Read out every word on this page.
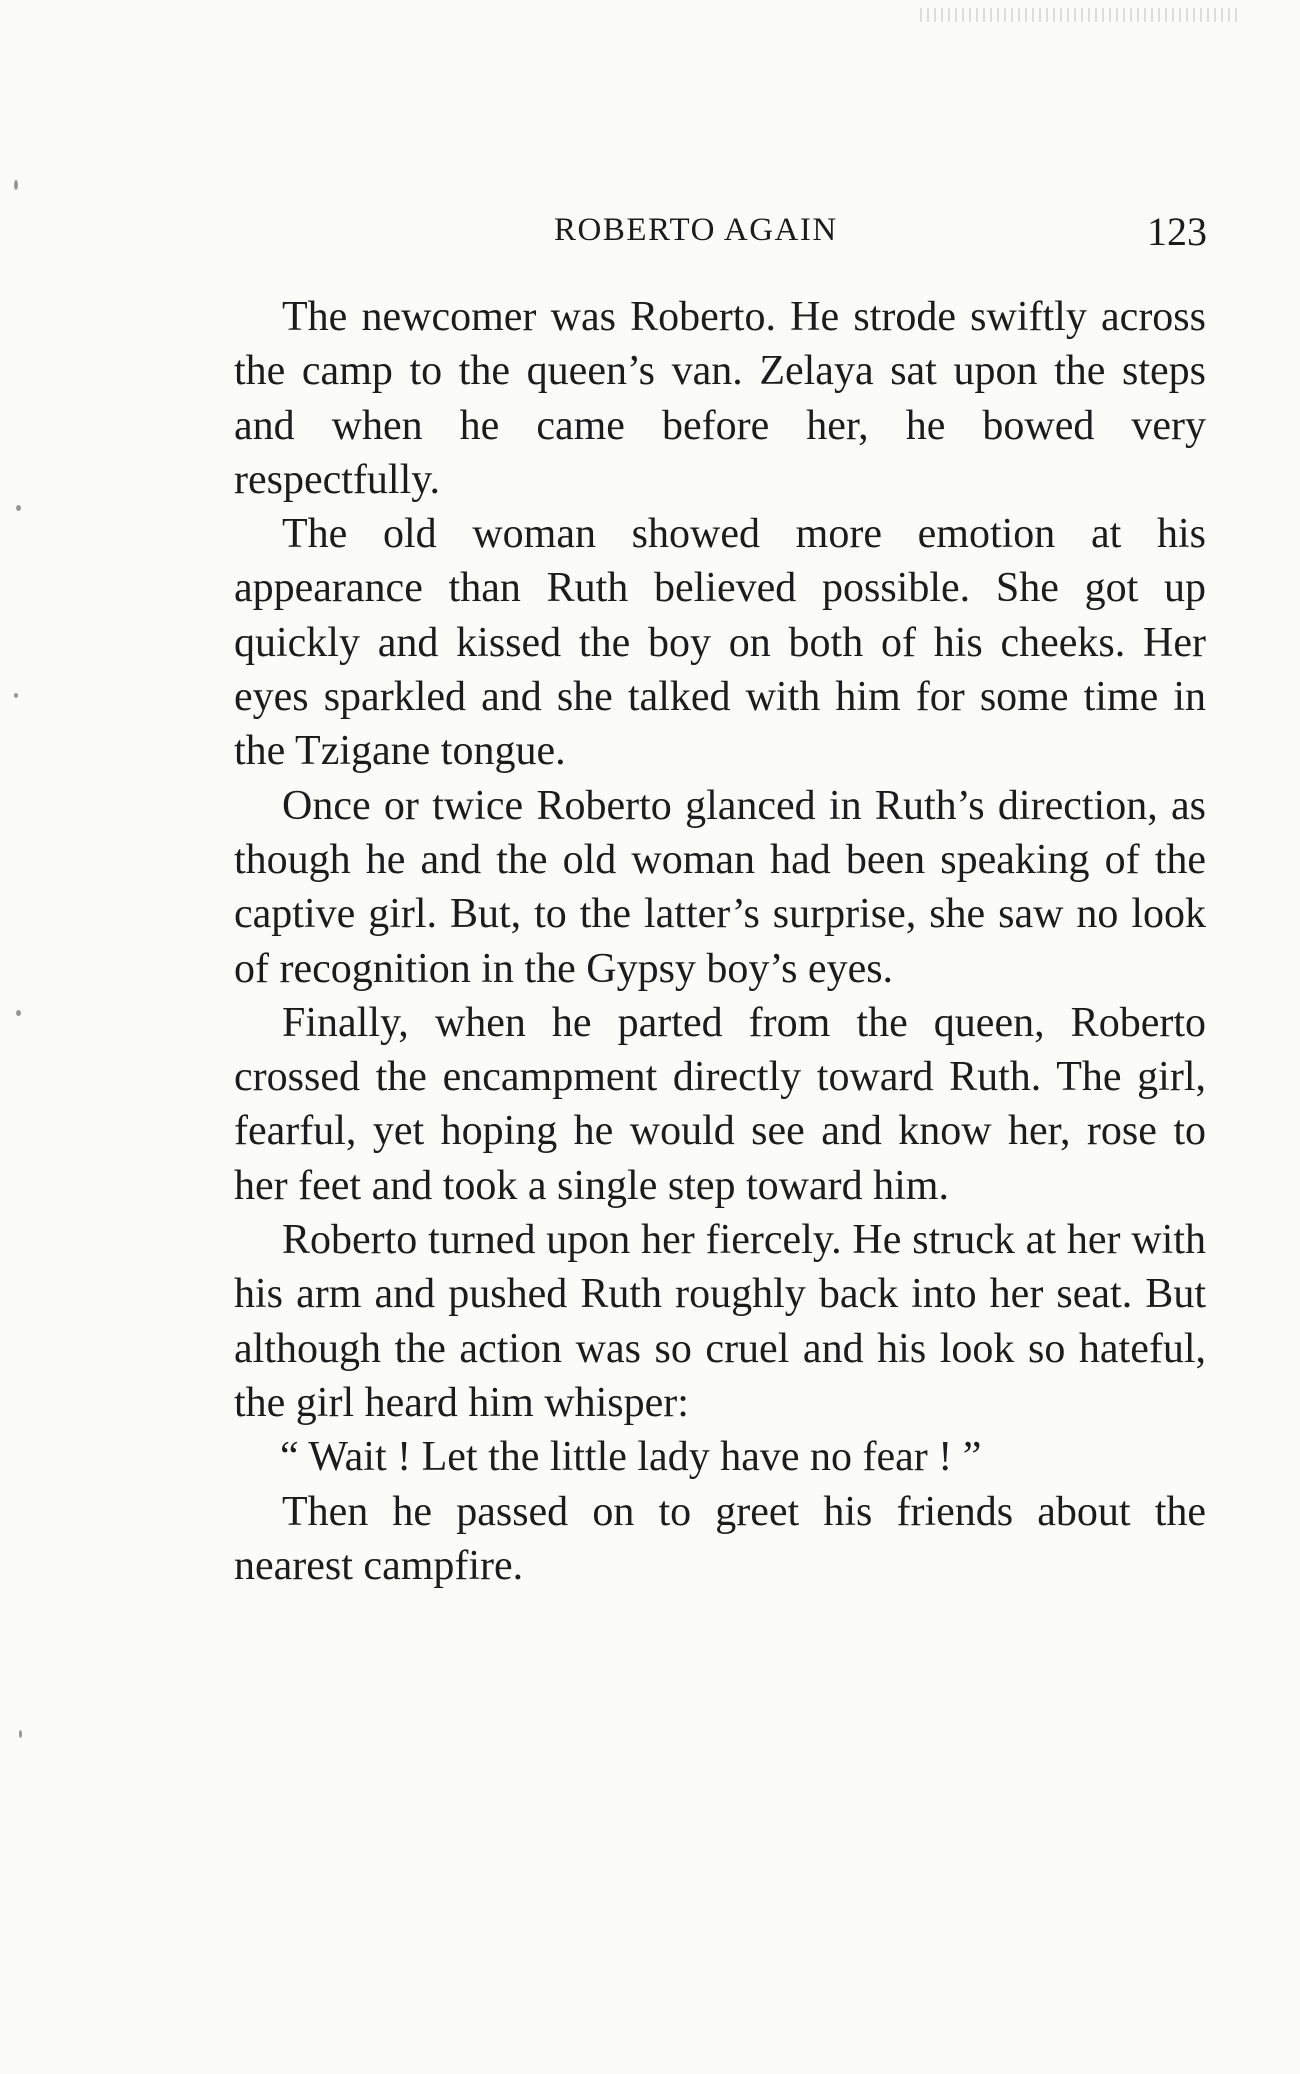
ROBERTO AGAIN	123

The newcomer was Roberto. He strode swiftly across the camp to the queen’s van. Zelaya sat upon the steps and when he came before her, he bowed very respectfully.

The old woman showed more emotion at his appearance than Ruth believed possible. She got up quickly and kissed the boy on both of his cheeks. Her eyes sparkled and she talked with him for some time in the Tzigane tongue.

Once or twice Roberto glanced in Ruth’s direction, as though he and the old woman had been speaking of the captive girl. But, to the latter’s surprise, she saw no look of recognition in the Gypsy boy’s eyes.

Finally, when he parted from the queen, Roberto crossed the encampment directly toward Ruth. The girl, fearful, yet hoping he would see and know her, rose to her feet and took a single step toward him.

Roberto turned upon her fiercely. He struck at her with his arm and pushed Ruth roughly back into her seat. But although the action was so cruel and his look so hateful, the girl heard him whisper:

“ Wait ! Let the little lady have no fear ! ”

Then he passed on to greet his friends about the nearest campfire.
